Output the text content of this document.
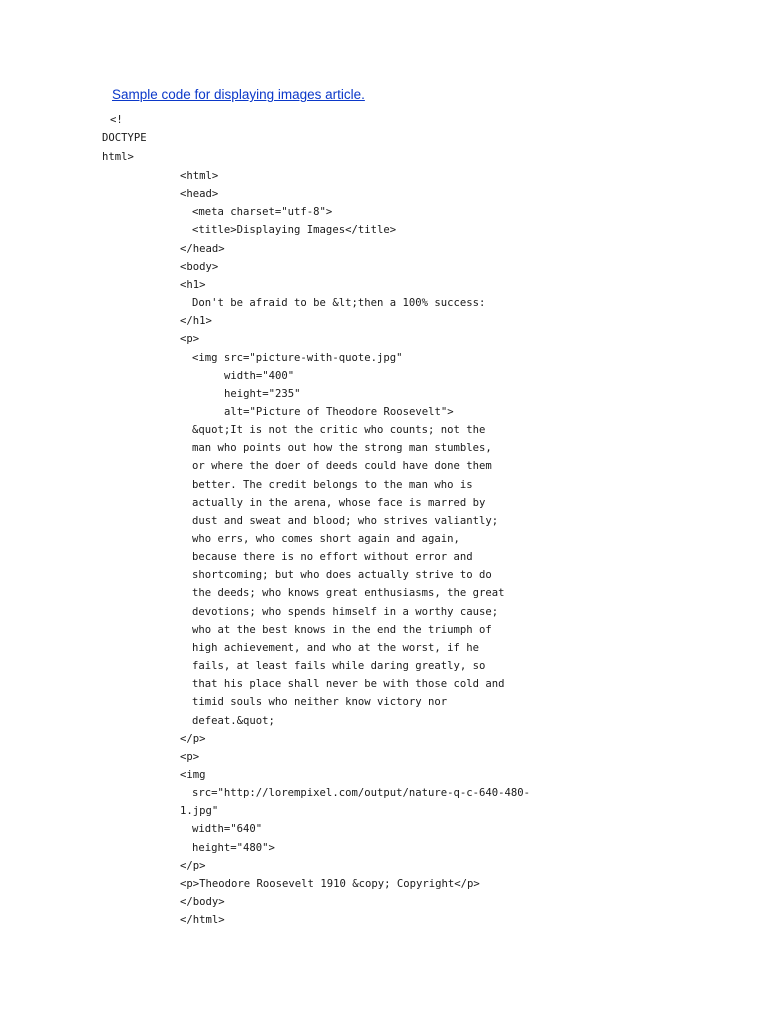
Sample code for displaying images article.
<!
DOCTYPE
html>
<html>
<head>
<meta charset="utf-8">
<title>Displaying Images</title>
</head>
<body>
<h1>
Don't be afraid to be &lt;then a 100% success:
</h1>
<p>
<img src="picture-with-quote.jpg"
width="400"
height="235"
alt="Picture of Theodore Roosevelt">
&quot;It is not the critic who counts; not the
man who points out how the strong man stumbles,
or where the doer of deeds could have done them
better. The credit belongs to the man who is
actually in the arena, whose face is marred by
dust and sweat and blood; who strives valiantly;
who errs, who comes short again and again,
because there is no effort without error and
shortcoming; but who does actually strive to do
the deeds; who knows great enthusiasms, the great
devotions; who spends himself in a worthy cause;
who at the best knows in the end the triumph of
high achievement, and who at the worst, if he
fails, at least fails while daring greatly, so
that his place shall never be with those cold and
timid souls who neither know victory nor
defeat.&quot;
</p>
<p>
<img
src="http://lorempixel.com/output/nature-q-c-640-480-
1.jpg"
width="640"
height="480">
</p>
<p>Theodore Roosevelt 1910 &copy; Copyright</p>
</body>
</html>
